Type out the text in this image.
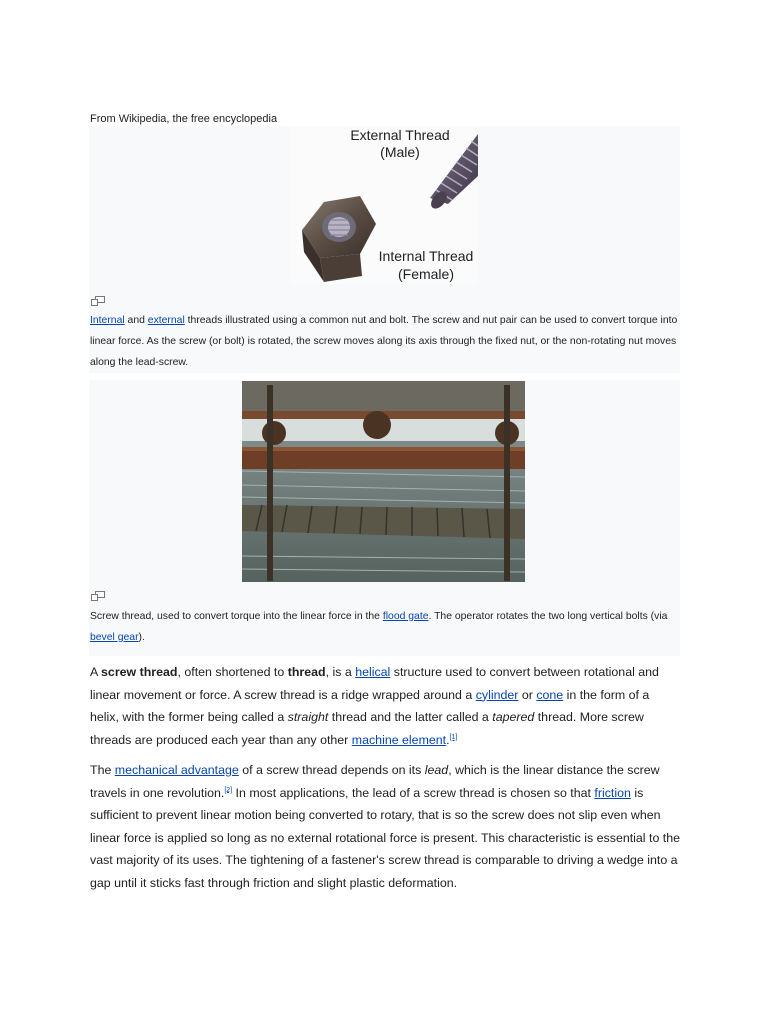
From Wikipedia, the free encyclopedia
External Thread
(Male)
Internal Thread
(Female)
Internal and external threads illustrated using a common nut and bolt. The screw and nut pair can be used to convert torque into linear force. As the screw (or bolt) is rotated, the screw moves along its axis through the fixed nut, or the non-rotating nut moves along the lead-screw.
Screw thread, used to convert torque into the linear force in the flood gate. The operator rotates the two long vertical bolts (via bevel gear).
A screw thread, often shortened to thread, is a helical structure used to convert between rotational and linear movement or force. A screw thread is a ridge wrapped around a cylinder or cone in the form of a helix, with the former being called a straight thread and the latter called a tapered thread. More screw threads are produced each year than any other machine element.[1]
The mechanical advantage of a screw thread depends on its lead, which is the linear distance the screw travels in one revolution.[2] In most applications, the lead of a screw thread is chosen so that friction is sufficient to prevent linear motion being converted to rotary, that is so the screw does not slip even when linear force is applied so long as no external rotational force is present. This characteristic is essential to the vast majority of its uses. The tightening of a fastener's screw thread is comparable to driving a wedge into a gap until it sticks fast through friction and slight plastic deformation.
